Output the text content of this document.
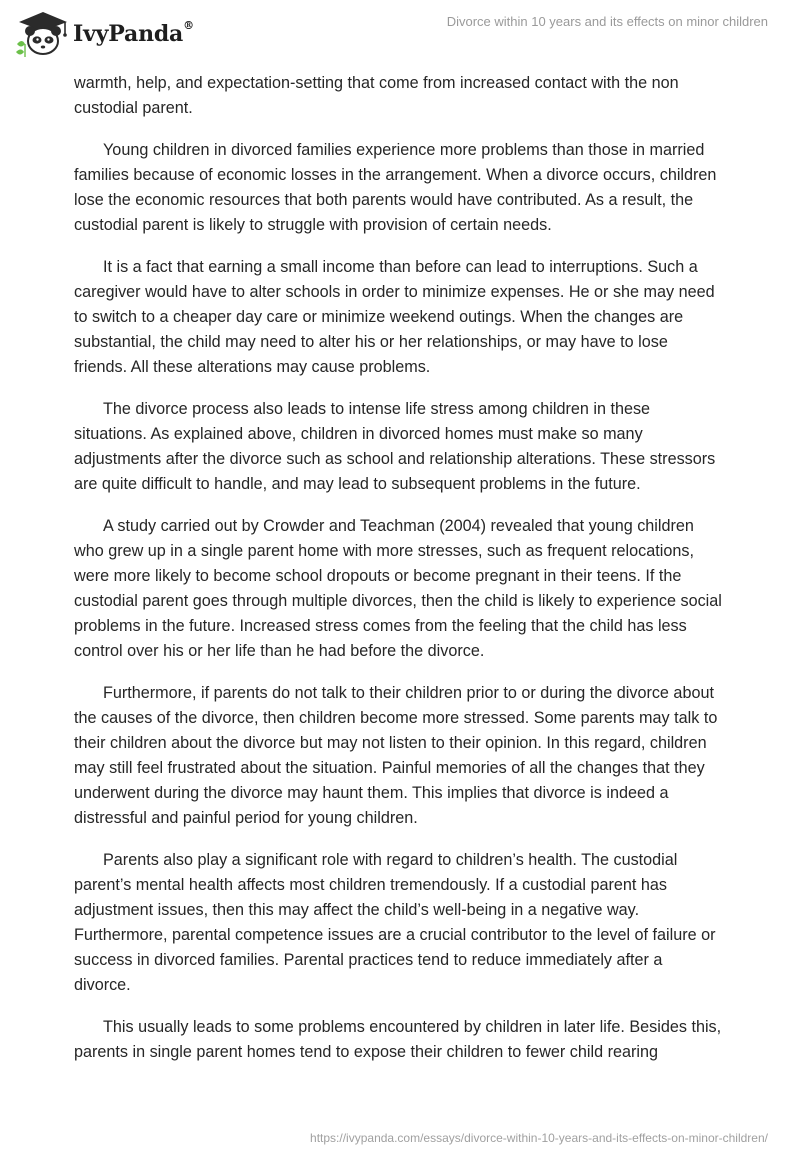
IvyPanda®	Divorce within 10 years and its effects on minor children

warmth, help, and expectation-setting that come from increased contact with the non custodial parent.

Young children in divorced families experience more problems than those in married families because of economic losses in the arrangement. When a divorce occurs, children lose the economic resources that both parents would have contributed. As a result, the custodial parent is likely to struggle with provision of certain needs.

It is a fact that earning a small income than before can lead to interruptions. Such a caregiver would have to alter schools in order to minimize expenses. He or she may need to switch to a cheaper day care or minimize weekend outings. When the changes are substantial, the child may need to alter his or her relationships, or may have to lose friends. All these alterations may cause problems.

The divorce process also leads to intense life stress among children in these situations. As explained above, children in divorced homes must make so many adjustments after the divorce such as school and relationship alterations. These stressors are quite difficult to handle, and may lead to subsequent problems in the future.

A study carried out by Crowder and Teachman (2004) revealed that young children who grew up in a single parent home with more stresses, such as frequent relocations, were more likely to become school dropouts or become pregnant in their teens. If the custodial parent goes through multiple divorces, then the child is likely to experience social problems in the future. Increased stress comes from the feeling that the child has less control over his or her life than he had before the divorce.

Furthermore, if parents do not talk to their children prior to or during the divorce about the causes of the divorce, then children become more stressed. Some parents may talk to their children about the divorce but may not listen to their opinion. In this regard, children may still feel frustrated about the situation. Painful memories of all the changes that they underwent during the divorce may haunt them. This implies that divorce is indeed a distressful and painful period for young children.

Parents also play a significant role with regard to children’s health. The custodial parent’s mental health affects most children tremendously. If a custodial parent has adjustment issues, then this may affect the child’s well-being in a negative way. Furthermore, parental competence issues are a crucial contributor to the level of failure or success in divorced families. Parental practices tend to reduce immediately after a divorce.

This usually leads to some problems encountered by children in later life. Besides this, parents in single parent homes tend to expose their children to fewer child rearing

https://ivypanda.com/essays/divorce-within-10-years-and-its-effects-on-minor-children/
